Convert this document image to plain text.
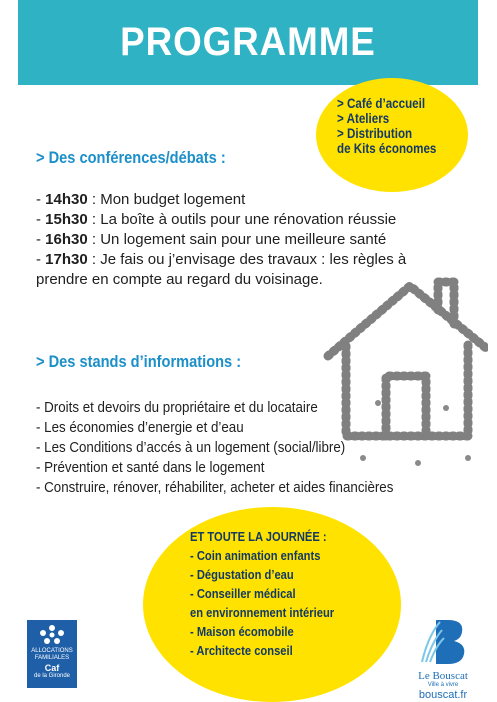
PROGRAMME
> Café d’accueil
> Ateliers
> Distribution
de Kits économes
> Des conférences/débats :
- 14h30 : Mon budget logement
- 15h30 : La boîte à outils pour une rénovation réussie
- 16h30 : Un logement sain pour une meilleure santé
- 17h30 : Je fais ou j’envisage des travaux : les règles à prendre en compte au regard du voisinage.
> Des stands d’informations :
- Droits et devoirs du propriétaire et du locataire
- Les économies d’energie et d’eau
- Les Conditions d’accés à un logement (social/libre)
- Prévention et santé dans le logement
- Construire, rénover, réhabiliter, acheter et aides financières
ET TOUTE LA JOURNÉE :
- Coin animation enfants
- Dégustation d’eau
- Conseiller médical
en environnement intérieur
- Maison écomobile
- Architecte conseil
ALLOCATIONS
FAMILIALES
Caf
de la Gironde	Le Bouscat
Ville à vivre
bouscat.fr
